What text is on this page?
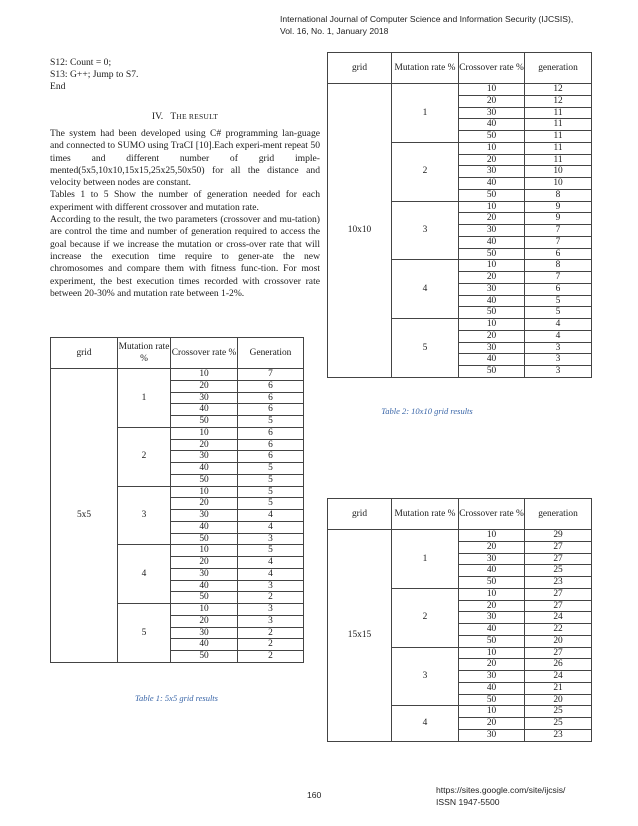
International Journal of Computer Science and Information Security (IJCSIS),
Vol. 16, No. 1, January 2018
S12: Count = 0;
S13: G++; Jump to S7.
End
IV. THE RESULT

The system had been developed using C# programming lan-guage and connected to SUMO using TraCI [10].Each experi-ment repeat 50 times and different number of grid imple-mented(5x5,10x10,15x15,25x25,50x50) for all the distance and velocity between nodes are constant.

Tables 1 to 5 Show the number of generation needed for each experiment with different crossover and mutation rate.

According to the result, the two parameters (crossover and mu-tation) are control the time and number of generation required to access the goal because if we increase the mutation or cross-over rate that will increase the execution time require to gener-ate the new chromosomes and compare them with fitness func-tion. For most experiment, the best execution times recorded with crossover rate between 20-30% and mutation rate between 1-2%.

grid	Mutation rate %	Crossover rate %	Generation
5x5	1	10	7
		20	6
		30	6
		40	6
		50	5
	2	10	6
		20	6
		30	6
		40	5
		50	5
	3	10	5
		20	5
		30	4
		40	4
		50	3
	4	10	5
		20	4
		30	4
		40	3
		50	2
	5	10	3
		20	3
		30	2
		40	2
		50	2
Table 1: 5x5 grid results
grid	Mutation rate %	Crossover rate %	generation
10x10	1	10	12
		20	12
		30	11
		40	11
		50	11
	2	10	11
		20	11
		30	10
		40	10
		50	8
	3	10	9
		20	9
		30	7
		40	7
		50	6
	4	10	8
		20	7
		30	6
		40	5
		50	5
	5	10	4
		20	4
		30	3
		40	3
		50	3
Table 2: 10x10 grid results
grid	Mutation rate %	Crossover rate %	generation
15x15	1	10	29
		20	27
		30	27
		40	25
		50	23
	2	10	27
		20	27
		30	24
		40	22
		50	20
	3	10	27
		20	26
		30	24
		40	21
		50	20
	4	10	25
		20	25
		30	23
160	https://sites.google.com/site/ijcsis/
ISSN 1947-5500
